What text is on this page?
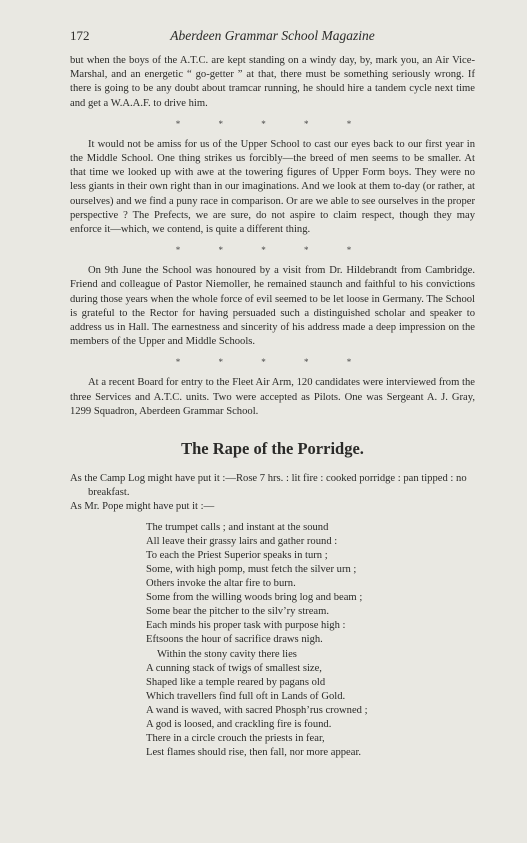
172	Aberdeen Grammar School Magazine

but when the boys of the A.T.C. are kept standing on a windy day, by, mark you, an Air Vice-Marshal, and an energetic “ go-getter ” at that, there must be something seriously wrong. If there is going to be any doubt about tramcar running, he should hire a tandem cycle next time and get a W.A.A.F. to drive him.

* * * * *

It would not be amiss for us of the Upper School to cast our eyes back to our first year in the Middle School. One thing strikes us forcibly—the breed of men seems to be smaller. At that time we looked up with awe at the towering figures of Upper Form boys. They were no less giants in their own right than in our imaginations. And we look at them to-day (or rather, at ourselves) and we find a puny race in comparison. Or are we able to see ourselves in the proper perspective ? The Prefects, we are sure, do not aspire to claim respect, though they may enforce it—which, we contend, is quite a different thing.

* * * * *

On 9th June the School was honoured by a visit from Dr. Hildebrandt from Cambridge. Friend and colleague of Pastor Niemoller, he remained staunch and faithful to his convictions during those years when the whole force of evil seemed to be let loose in Germany. The School is grateful to the Rector for having persuaded such a distinguished scholar and speaker to address us in Hall. The earnestness and sincerity of his address made a deep impression on the members of the Upper and Middle Schools.

* * * * *

At a recent Board for entry to the Fleet Air Arm, 120 candidates were interviewed from the three Services and A.T.C. units. Two were accepted as Pilots. One was Sergeant A. J. Gray, 1299 Squadron, Aberdeen Grammar School.

The Rape of the Porridge.

As the Camp Log might have put it :—Rose 7 hrs. : lit fire : cooked porridge : pan tipped : no breakfast.

As Mr. Pope might have put it :—

The trumpet calls ; and instant at the sound
All leave their grassy lairs and gather round :
To each the Priest Superior speaks in turn ;
Some, with high pomp, must fetch the silver urn ;
Others invoke the altar fire to burn.
Some from the willing woods bring log and beam ;
Some bear the pitcher to the silv’ry stream.
Each minds his proper task with purpose high :
Eftsoons the hour of sacrifice draws nigh.
Within the stony cavity there lies
A cunning stack of twigs of smallest size,
Shaped like a temple reared by pagans old
Which travellers find full oft in Lands of Gold.
A wand is waved, with sacred Phosph’rus crowned ;
A god is loosed, and crackling fire is found.
There in a circle crouch the priests in fear,
Lest flames should rise, then fall, nor more appear.
